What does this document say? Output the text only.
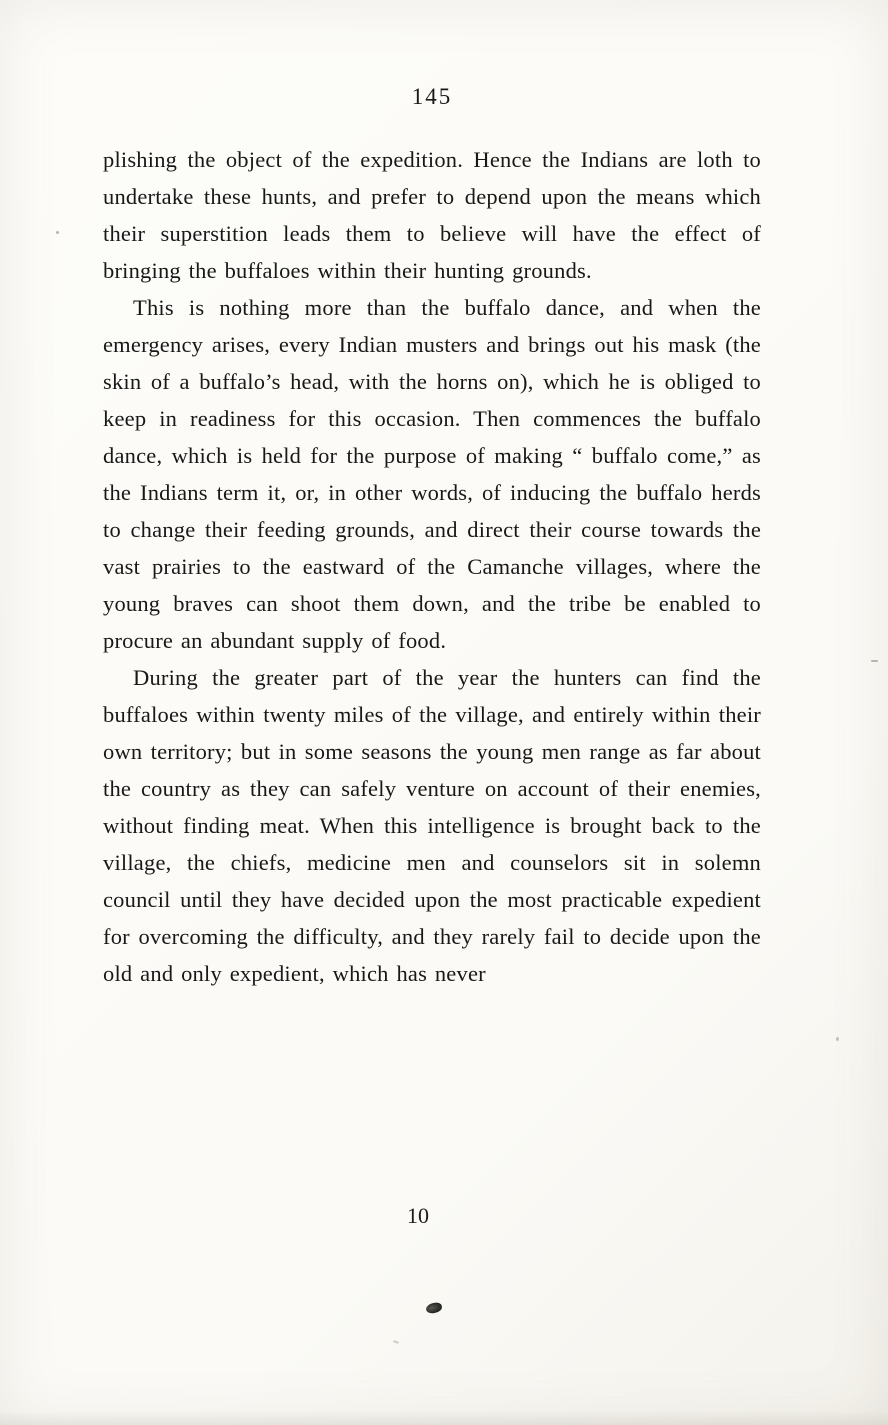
145

plishing the object of the expedition. Hence the Indians are loth to undertake these hunts, and prefer to depend upon the means which their superstition leads them to believe will have the effect of bringing the buffaloes within their hunting grounds.

This is nothing more than the buffalo dance, and when the emergency arises, every Indian musters and brings out his mask (the skin of a buffalo’s head, with the horns on), which he is obliged to keep in readiness for this occasion. Then commences the buffalo dance, which is held for the purpose of making “ buffalo come,” as the Indians term it, or, in other words, of inducing the buffalo herds to change their feeding grounds, and direct their course towards the vast prairies to the eastward of the Camanche villages, where the young braves can shoot them down, and the tribe be enabled to procure an abundant supply of food.

During the greater part of the year the hunters can find the buffaloes within twenty miles of the village, and entirely within their own territory; but in some seasons the young men range as far about the country as they can safely venture on account of their enemies, without finding meat. When this intelligence is brought back to the village, the chiefs, medicine men and counselors sit in solemn council until they have decided upon the most practicable expedient for overcoming the difficulty, and they rarely fail to decide upon the old and only expedient, which has never

10
